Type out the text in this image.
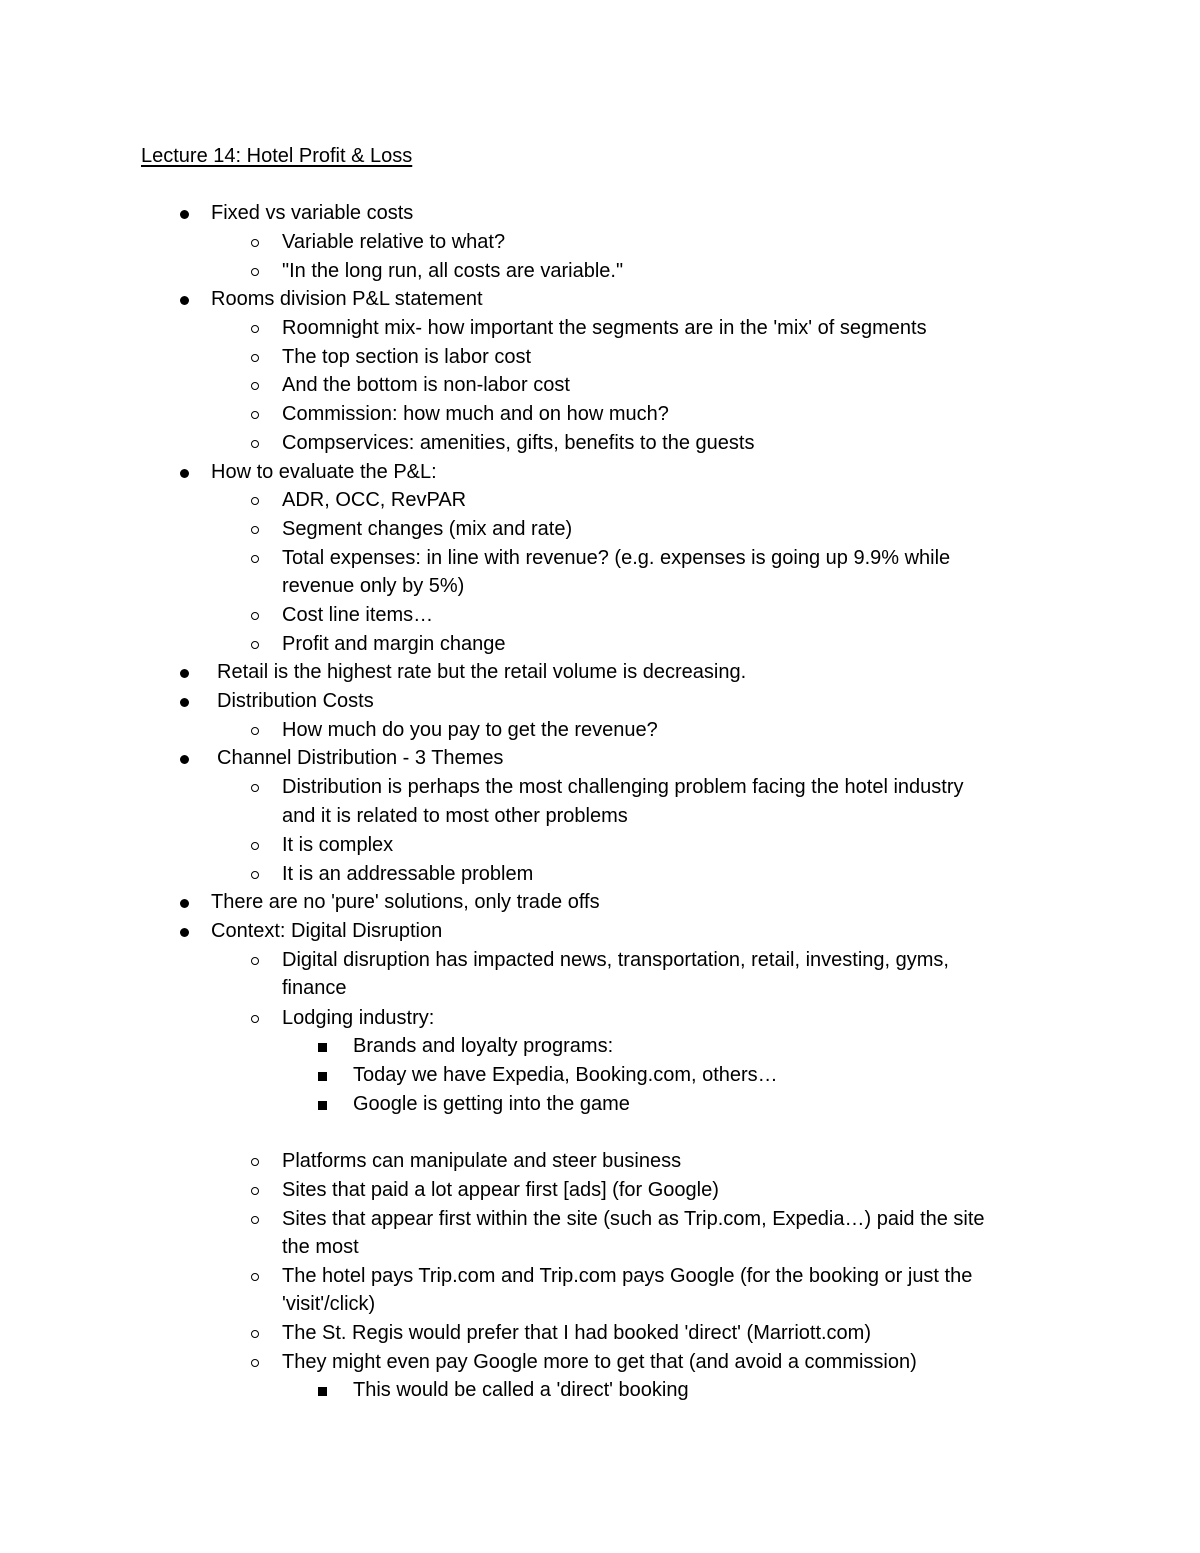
Lecture 14: Hotel Profit & Loss
Fixed vs variable costs
Variable relative to what?
"In the long run, all costs are variable."
Rooms division P&L statement
Roomnight mix- how important the segments are in the 'mix' of segments
The top section is labor cost
And the bottom is non-labor cost
Commission: how much and on how much?
Compservices: amenities, gifts, benefits to the guests
How to evaluate the P&L:
ADR, OCC, RevPAR
Segment changes (mix and rate)
Total expenses: in line with revenue? (e.g. expenses is going up 9.9% while
revenue only by 5%)
Cost line items…
Profit and margin change
Retail is the highest rate but the retail volume is decreasing.
Distribution Costs
How much do you pay to get the revenue?
Channel Distribution - 3 Themes
Distribution is perhaps the most challenging problem facing the hotel industry
and it is related to most other problems
It is complex
It is an addressable problem
There are no 'pure' solutions, only trade offs
Context: Digital Disruption
Digital disruption has impacted news, transportation, retail, investing, gyms,
finance
Lodging industry:
Brands and loyalty programs:
Today we have Expedia, Booking.com, others…
Google is getting into the game
Platforms can manipulate and steer business
Sites that paid a lot appear first [ads] (for Google)
Sites that appear first within the site (such as Trip.com, Expedia…) paid the site
the most
The hotel pays Trip.com and Trip.com pays Google (for the booking or just the
'visit'/click)
The St. Regis would prefer that I had booked 'direct' (Marriott.com)
They might even pay Google more to get that (and avoid a commission)
This would be called a 'direct' booking
